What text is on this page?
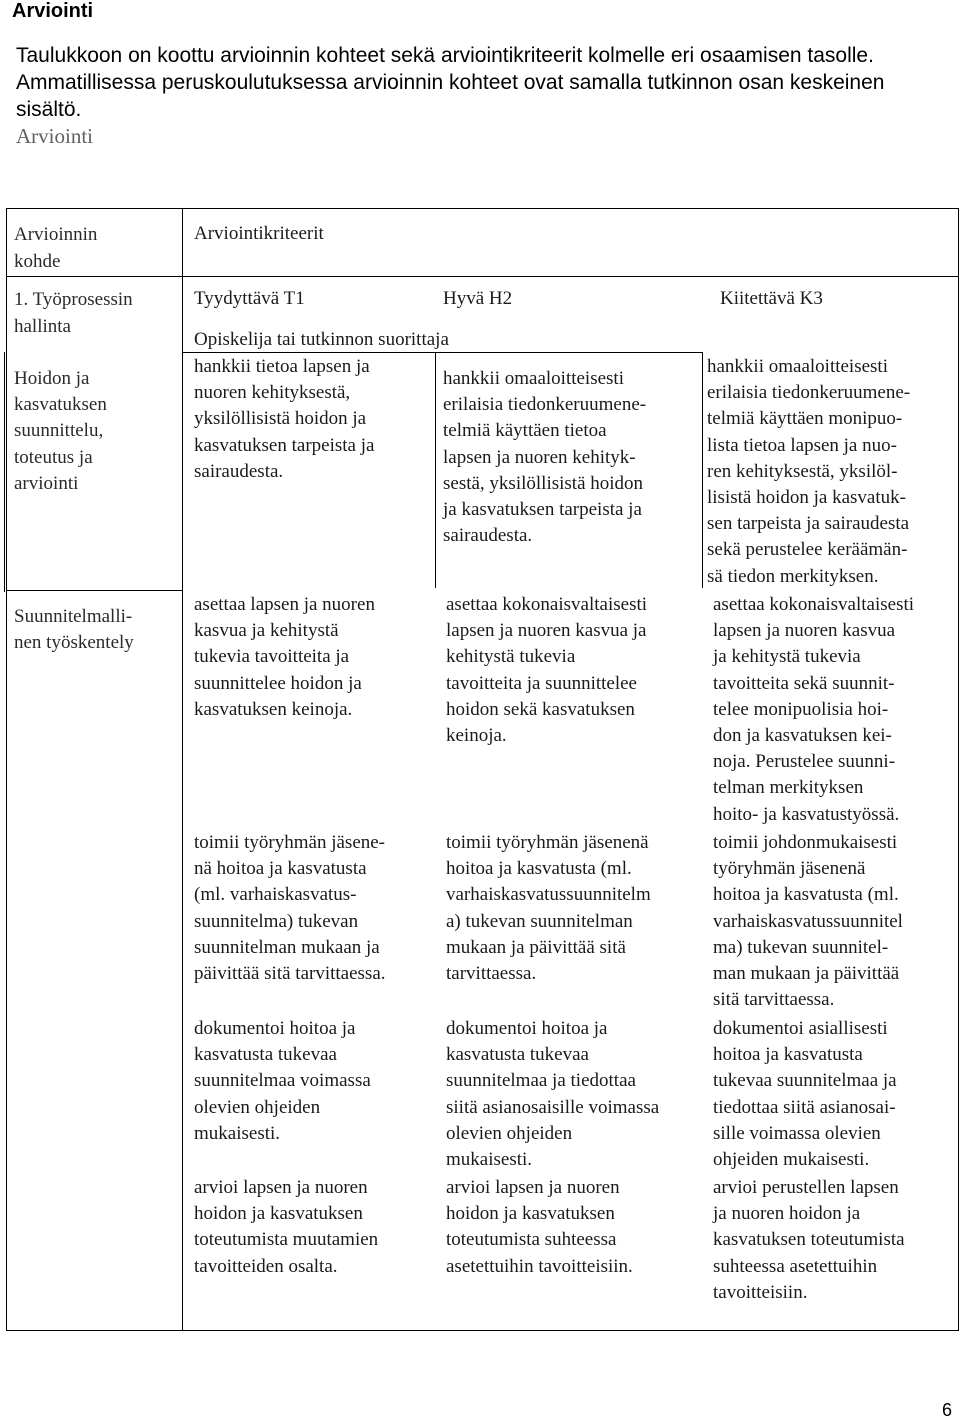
Arviointi
Taulukkoon on koottu arvioinnin kohteet sekä arviointikriteerit kolmelle eri osaamisen tasolle. Ammatillisessa peruskoulutuksessa arvioinnin kohteet ovat samalla tutkinnon osan keskeinen sisältö.
Arviointi
Arvioinnin
kohde
Arviointikriteerit
1. Työprosessin
hallinta
Tyydyttävä T1	Hyvä H2	Kiitettävä K3
Opiskelija tai tutkinnon suorittaja
Hoidon ja
kasvatuksen
suunnittelu,
toteutus ja
arviointi
hankkii tietoa lapsen ja
nuoren kehityksestä,
yksilöllisistä hoidon ja
kasvatuksen tarpeista ja
sairaudesta.
hankkii omaaloitteisesti
erilaisia tiedonkeruumene-
telmiä käyttäen tietoa
lapsen ja nuoren kehityk-
sestä, yksilöllisistä hoidon
ja kasvatuksen tarpeista ja
sairaudesta.
hankkii omaaloitteisesti
erilaisia tiedonkeruumene-
telmiä käyttäen monipuo-
lista tietoa lapsen ja nuo-
ren kehityksestä, yksilöl-
lisistä hoidon ja kasvatuk-
sen tarpeista ja sairaudesta
sekä perustelee keräämän-
sä tiedon merkityksen.
Suunnitelmalli-
nen työskentely
asettaa lapsen ja nuoren
kasvua ja kehitystä
tukevia tavoitteita ja
suunnittelee hoidon ja
kasvatuksen keinoja.
asettaa kokonaisvaltaisesti
lapsen ja nuoren kasvua ja
kehitystä tukevia
tavoitteita ja suunnittelee
hoidon sekä kasvatuksen
keinoja.
asettaa kokonaisvaltaisesti
lapsen ja nuoren kasvua
ja kehitystä tukevia
tavoitteita sekä suunnit-
telee monipuolisia hoi-
don ja kasvatuksen kei-
noja. Perustelee suunni-
telman merkityksen
hoito- ja kasvatustyössä.
toimii työryhmän jäsene-
nä hoitoa ja kasvatusta
(ml. varhaiskasvatus-
suunnitelma) tukevan
suunnitelman mukaan ja
päivittää sitä tarvittaessa.
toimii työryhmän jäsenenä
hoitoa ja kasvatusta (ml.
varhaiskasvatussuunnitelm
a) tukevan suunnitelman
mukaan ja päivittää sitä
tarvittaessa.
toimii johdonmukaisesti
työryhmän jäsenenä
hoitoa ja kasvatusta (ml.
varhaiskasvatussuunnitel
ma) tukevan suunnitel-
man mukaan ja päivittää
sitä tarvittaessa.
dokumentoi hoitoa ja
kasvatusta tukevaa
suunnitelmaa voimassa
olevien ohjeiden
mukaisesti.
dokumentoi hoitoa ja
kasvatusta tukevaa
suunnitelmaa ja tiedottaa
siitä asianosaisille voimassa
olevien ohjeiden
mukaisesti.
dokumentoi asiallisesti
hoitoa ja kasvatusta
tukevaa suunnitelmaa ja
tiedottaa siitä asianosai-
sille voimassa olevien
ohjeiden mukaisesti.
arvioi lapsen ja nuoren
hoidon ja kasvatuksen
toteutumista muutamien
tavoitteiden osalta.
arvioi lapsen ja nuoren
hoidon ja kasvatuksen
toteutumista suhteessa
asetettuihin tavoitteisiin.
arvioi perustellen lapsen
ja nuoren hoidon ja
kasvatuksen toteutumista
suhteessa asetettuihin
tavoitteisiin.
6
